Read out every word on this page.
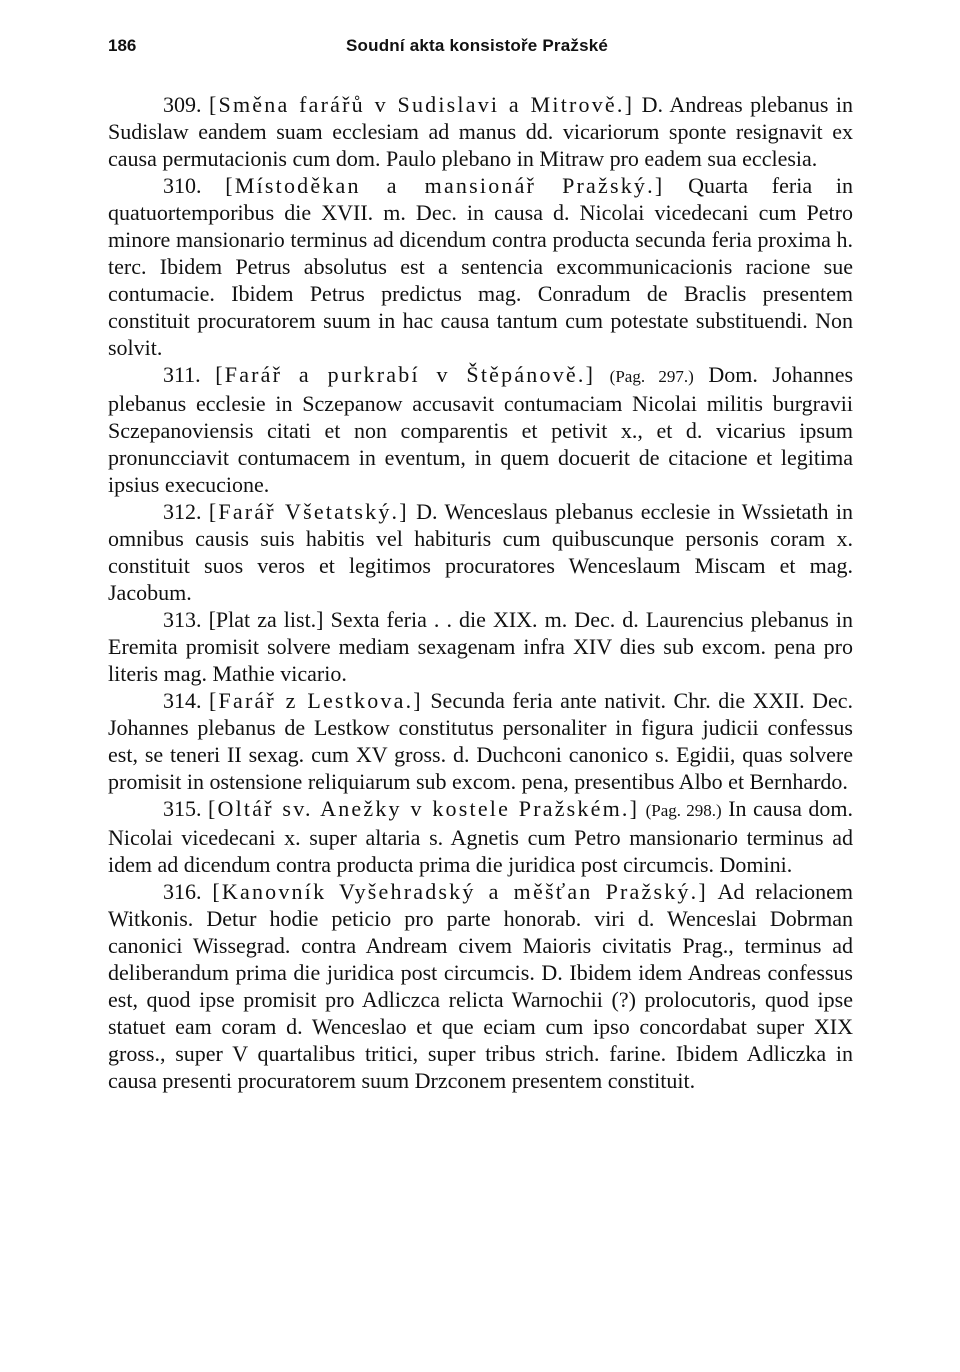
186	Soudní akta konsistoře Pražské

309. [Směna farářů v Sudislavi a Mitrově.] D. Andreas plebanus in Sudislaw eandem suam ecclesiam ad manus dd. vicariorum sponte resignavit ex causa permutacionis cum dom. Paulo plebano in Mitraw pro eadem sua ecclesia.

310. [Místoděkan a mansionář Pražský.] Quarta feria in quatuortemporibus die XVII. m. Dec. in causa d. Nicolai vicedecani cum Petro minore mansionario terminus ad dicendum contra producta secunda feria proxima h. terc. Ibidem Petrus absolutus est a sentencia excommunicacionis racione sue contumacie. Ibidem Petrus predictus mag. Conradum de Braclis presentem constituit procuratorem suum in hac causa tantum cum potestate substituendi. Non solvit.

311. [Farář a purkrabí v Štěpánově.] (Pag. 297.) Dom. Johannes plebanus ecclesie in Sczepanow accusavit contumaciam Nicolai militis burgravii Sczepanoviensis citati et non comparentis et petivit x., et d. vicarius ipsum pronuncciavit contumacem in eventum, in quem docuerit de citacione et legitima ipsius execucione.

312. [Farář Všetatský.] D. Wenceslaus plebanus ecclesie in Wssietath in omnibus causis suis habitis vel habituris cum quibuscunque personis coram x. constituit suos veros et legitimos procuratores Wenceslaum Miscam et mag. Jacobum.

313. [Plat za list.] Sexta feria . . die XIX. m. Dec. d. Laurencius plebanus in Eremita promisit solvere mediam sexagenam infra XIV dies sub excom. pena pro literis mag. Mathie vicario.

314. [Farář z Lestkova.] Secunda feria ante nativit. Chr. die XXII. Dec. Johannes plebanus de Lestkow constitutus personaliter in figura judicii confessus est, se teneri II sexag. cum XV gross. d. Duchconi canonico s. Egidii, quas solvere promisit in ostensione reliquiarum sub excom. pena, presentibus Albo et Bernhardo.

315. [Oltář sv. Anežky v kostele Pražském.] (Pag. 298.) In causa dom. Nicolai vicedecani x. super altaria s. Agnetis cum Petro mansionario terminus ad idem ad dicendum contra producta prima die juridica post circumcis. Domini.

316. [Kanovník Vyšehradský a měšťan Pražský.] Ad relacionem Witkonis. Detur hodie peticio pro parte honorab. viri d. Wenceslai Dobrman canonici Wissegrad. contra Andream civem Maioris civitatis Prag., terminus ad deliberandum prima die juridica post circumcis. D. Ibidem idem Andreas confessus est, quod ipse promisit pro Adliczca relicta Warnochii (?) prolocutoris, quod ipse statuet eam coram d. Wenceslao et que eciam cum ipso concordabat super XIX gross., super V quartalibus tritici, super tribus strich. farine. Ibidem Adliczka in causa presenti procuratorem suum Drzconem presentem constituit.
